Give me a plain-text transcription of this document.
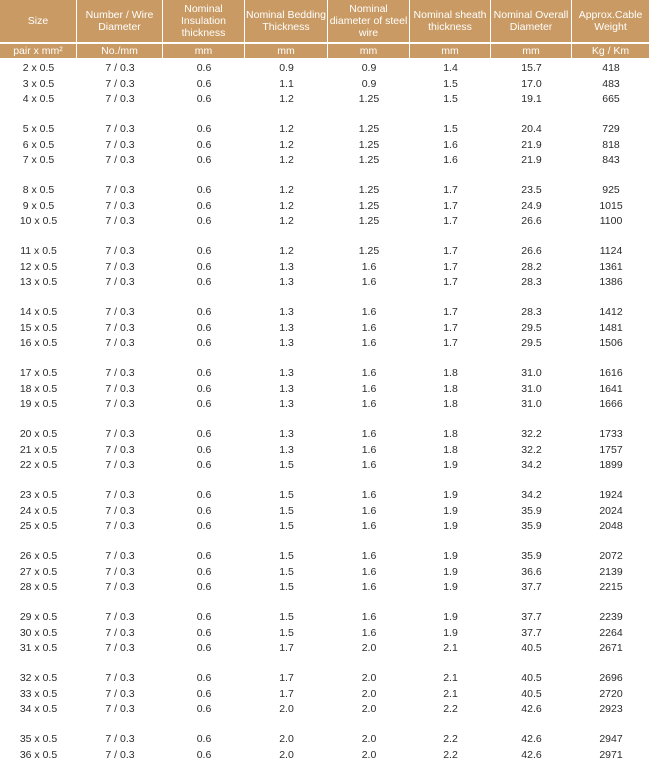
Size	Number / Wire Diameter	Nominal Insulation thickness	Nominal Bedding Thickness	Nominal diameter of steel wire	Nominal sheath thickness	Nominal Overall Diameter	Approx.Cable Weight
pair x mm²	No./mm	mm	mm	mm	mm	mm	Kg / Km
2 x 0.5	7 / 0.3	0.6	0.9	0.9	1.4	15.7	418
3 x 0.5	7 / 0.3	0.6	1.1	0.9	1.5	17.0	483
4 x 0.5	7 / 0.3	0.6	1.2	1.25	1.5	19.1	665

5 x 0.5	7 / 0.3	0.6	1.2	1.25	1.5	20.4	729
6 x 0.5	7 / 0.3	0.6	1.2	1.25	1.6	21.9	818
7 x 0.5	7 / 0.3	0.6	1.2	1.25	1.6	21.9	843

8 x 0.5	7 / 0.3	0.6	1.2	1.25	1.7	23.5	925
9 x 0.5	7 / 0.3	0.6	1.2	1.25	1.7	24.9	1015
10 x 0.5	7 / 0.3	0.6	1.2	1.25	1.7	26.6	1100

11 x 0.5	7 / 0.3	0.6	1.2	1.25	1.7	26.6	1124
12 x 0.5	7 / 0.3	0.6	1.3	1.6	1.7	28.2	1361
13 x 0.5	7 / 0.3	0.6	1.3	1.6	1.7	28.3	1386

14 x 0.5	7 / 0.3	0.6	1.3	1.6	1.7	28.3	1412
15 x 0.5	7 / 0.3	0.6	1.3	1.6	1.7	29.5	1481
16 x 0.5	7 / 0.3	0.6	1.3	1.6	1.7	29.5	1506

17 x 0.5	7 / 0.3	0.6	1.3	1.6	1.8	31.0	1616
18 x 0.5	7 / 0.3	0.6	1.3	1.6	1.8	31.0	1641
19 x 0.5	7 / 0.3	0.6	1.3	1.6	1.8	31.0	1666

20 x 0.5	7 / 0.3	0.6	1.3	1.6	1.8	32.2	1733
21 x 0.5	7 / 0.3	0.6	1.3	1.6	1.8	32.2	1757
22 x 0.5	7 / 0.3	0.6	1.5	1.6	1.9	34.2	1899

23 x 0.5	7 / 0.3	0.6	1.5	1.6	1.9	34.2	1924
24 x 0.5	7 / 0.3	0.6	1.5	1.6	1.9	35.9	2024
25 x 0.5	7 / 0.3	0.6	1.5	1.6	1.9	35.9	2048

26 x 0.5	7 / 0.3	0.6	1.5	1.6	1.9	35.9	2072
27 x 0.5	7 / 0.3	0.6	1.5	1.6	1.9	36.6	2139
28 x 0.5	7 / 0.3	0.6	1.5	1.6	1.9	37.7	2215

29 x 0.5	7 / 0.3	0.6	1.5	1.6	1.9	37.7	2239
30 x 0.5	7 / 0.3	0.6	1.5	1.6	1.9	37.7	2264
31 x 0.5	7 / 0.3	0.6	1.7	2.0	2.1	40.5	2671

32 x 0.5	7 / 0.3	0.6	1.7	2.0	2.1	40.5	2696
33 x 0.5	7 / 0.3	0.6	1.7	2.0	2.1	40.5	2720
34 x 0.5	7 / 0.3	0.6	2.0	2.0	2.2	42.6	2923

35 x 0.5	7 / 0.3	0.6	2.0	2.0	2.2	42.6	2947
36 x 0.5	7 / 0.3	0.6	2.0	2.0	2.2	42.6	2971
